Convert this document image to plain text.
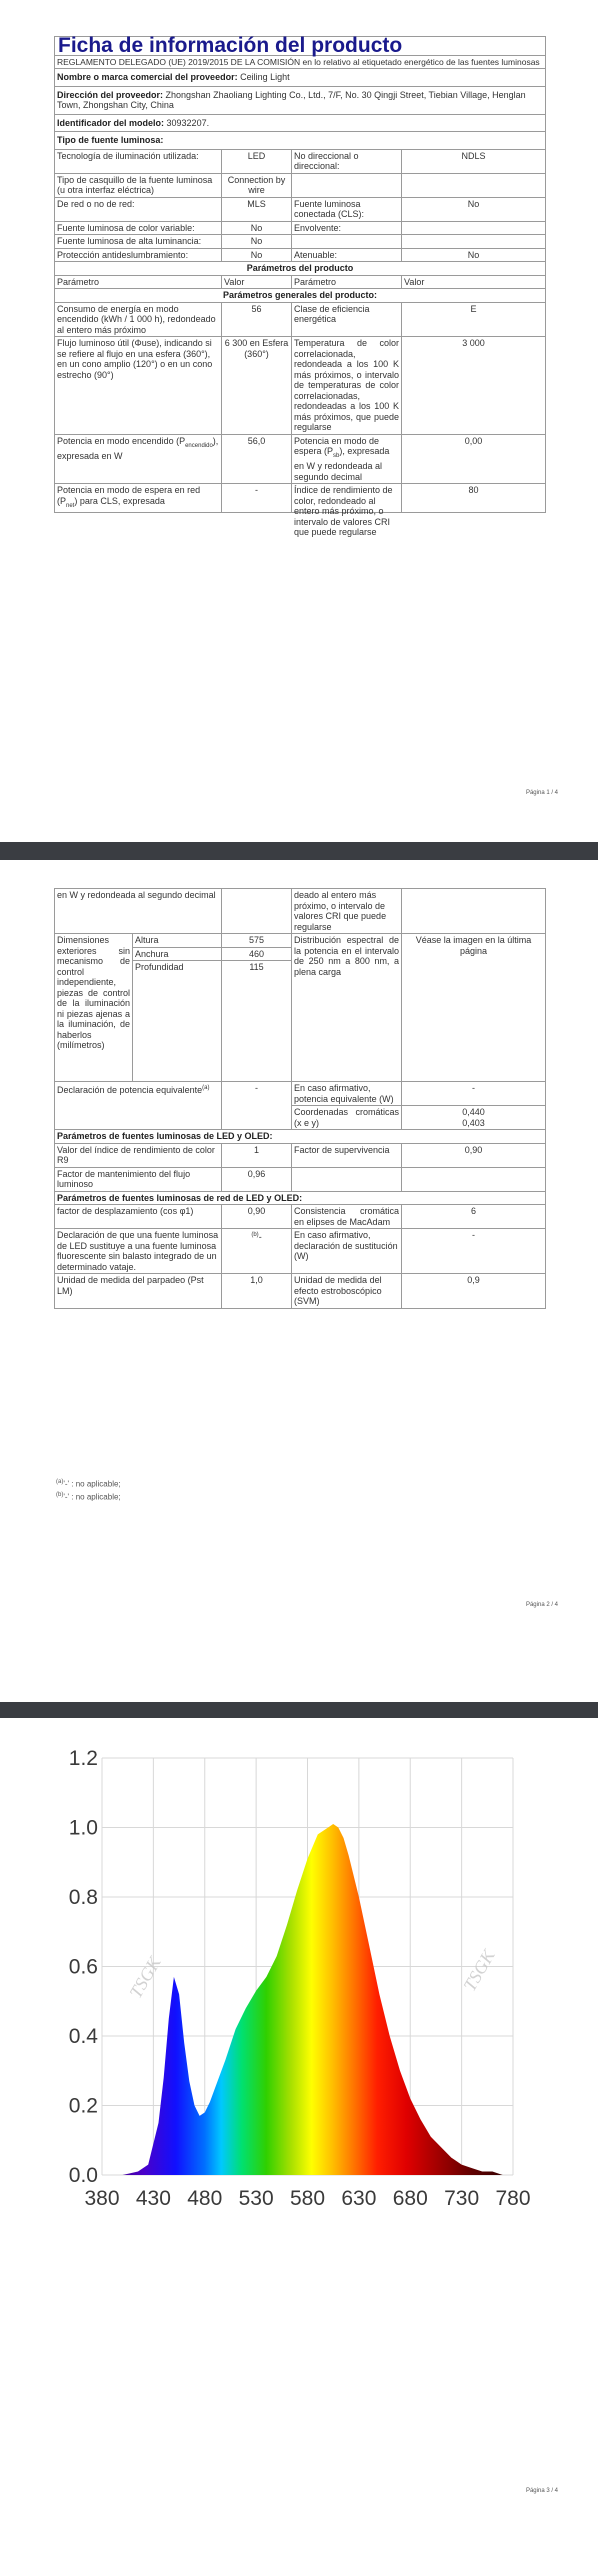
Ficha de información del producto			
REGLAMENTO DELEGADO (UE) 2019/2015 DE LA COMISIÓN en lo relativo al etiquetado energético de las fuentes luminosas			
Nombre o marca comercial del proveedor: Ceiling Light			
Dirección del proveedor: Zhongshan Zhaoliang Lighting Co., Ltd., 7/F, No. 30 Qingji Street, Tiebian Village, Henglan Town, Zhongshan City, China			
Identificador del modelo: 30932207.			
Tipo de fuente luminosa:			
Tecnología de iluminación utilizada:	LED	No direccional o direccional:	NDLS

Tipo de casquillo de la fuente luminosa
(u otra interfaz eléctrica)	Connection by wire		
De red o no de red:	MLS	Fuente luminosa conectada (CLS):	No
Fuente luminosa de color variable:	No	Envolvente:	
Fuente luminosa de alta luminancia:	No		
Protección antideslumbramiento:	No	Atenuable:	No
Parámetros del producto			
Parámetro	Valor	Parámetro	Valor
Parámetros generales del producto:			
Consumo de energía en modo encendido (kWh / 1 000 h), redondeado al entero más próximo	56	Clase de eficiencia energética	E
Flujo luminoso útil (Φuse), indicando si se refiere al flujo en una esfera (360°), en un cono amplio (120°) o en un cono estrecho (90°)	6 300 en Esfera (360°)	Temperatura de color correlacionada, redondeada a los 100 K más próximos, o intervalo de temperaturas de color correlacionadas, redondeadas a los 100 K más próximos, que puede regularse	3 000
Potencia en modo encendido $(P_{encendido})$, expresada en W	56,0	Potencia en modo de espera $(P_{sb})$, expresada en W y redondeada al segundo decimal	0,00
Potencia en modo de espera en red $(P_{net})$ para CLS, expresada	-	Índice de rendimiento de color, redondeado al entero más próximo, o intervalo de valores CRI que puede regularse	80
Página 1 / 4
en W y redondeada al segundo decimal			deado al entero más próximo, o intervalo de valores CRI que puede regularse	
Dimensiones exteriores sin mecanismo de control independiente, piezas de control de la iluminación ni piezas ajenas a la iluminación, de haberlos (milímetros)	Altura	575	Distribución espectral de la potencia en el intervalo de 250 nm a 800 nm, a plena carga	Véase la imagen en la última página
	Anchura	460		
	Profundidad	115		
Declaración de potencia equivalente$^{(a)}$		-	En caso afirmativo, potencia equivalente (W)	-
			Coordenadas cromáticas (x e y)	0,440
0,403

Parámetros de fuentes luminosas de LED y OLED:				
Valor del índice de rendimiento de color R9		1	Factor de supervivencia	0,90
Factor de mantenimiento del flujo luminoso		0,96		
Parámetros de fuentes luminosas de red de LED y OLED:				
factor de desplazamiento (cos φ1)		0,90	Consistencia cromática en elipses de MacAdam	6
Declaración de que una fuente luminosa de LED sustituye a una fuente luminosa fluorescente sin balasto integrado de un determinado vataje.		$^{(b)}$-	En caso afirmativo, declaración de sustitución (W)	-
Unidad de medida del parpadeo (Pst LM)		1,0	Unidad de medida del efecto estroboscópico (SVM)	0,9
$^{(a)}$'-' : no aplicable;
$^{(b)}$'-' : no aplicable;
Página 2 / 4
TSGK	TSGK
0.0
0.2
0.4
0.6
0.8
1.0
1.2
380 430 480 530 580 630 680 730 780
Página 3 / 4
